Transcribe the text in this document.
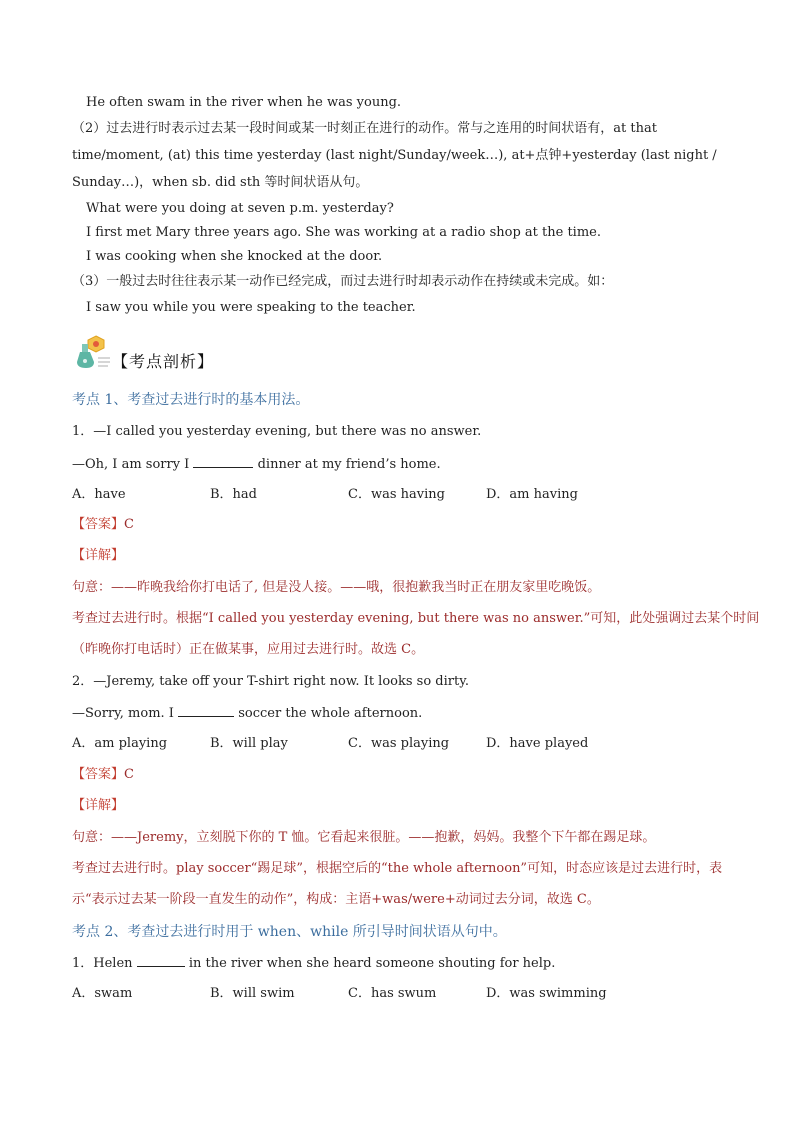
He often swam in the river when he was young.
（2）过去进行时表示过去某一段时间或某一时刻正在进行的动作。常与之连用的时间状语有，at that
time/moment, (at) this time yesterday (last night/Sunday/week…), at+点钟+yesterday (last night /
Sunday…)，when sb. did sth 等时间状语从句。
What were you doing at seven p.m. yesterday?
I first met Mary three years ago. She was working at a radio shop at the time.
I was cooking when she knocked at the door.
（3）一般过去时往往表示某一动作已经完成，而过去进行时却表示动作在持续或未完成。如：
I saw you while you were speaking to the teacher.
【考点剖析】
考点 1、考查过去进行时的基本用法。
1．—I called you yesterday evening, but there was no answer.
—Oh, I am sorry I	dinner at my friend’s home.
A．have	B．had	C．was having	D．am having
【答案】C
【详解】
句意：——昨晚我给你打电话了, 但是没人接。——哦，很抱歉我当时正在朋友家里吃晚饭。
考查过去进行时。根据“I called you yesterday evening, but there was no answer.”可知，此处强调过去某个时间
（昨晚你打电话时）正在做某事，应用过去进行时。故选 C。
2．—Jeremy, take off your T-shirt right now. It looks so dirty.
—Sorry, mom. I	soccer the whole afternoon.
A．am playing	B．will play	C．was playing	D．have played
【答案】C
【详解】
句意：——Jeremy，立刻脱下你的 T 恤。它看起来很脏。——抱歉，妈妈。我整个下午都在踢足球。
考查过去进行时。play soccer“踢足球”，根据空后的“the whole afternoon”可知，时态应该是过去进行时，表
示“表示过去某一阶段一直发生的动作”，构成：主语+was/were+动词过去分词，故选 C。
考点 2、考查过去进行时用于 when、while 所引导时间状语从句中。
1．Helen	in the river when she heard someone shouting for help.
A．swam	B．will swim	C．has swum	D．was swimming
